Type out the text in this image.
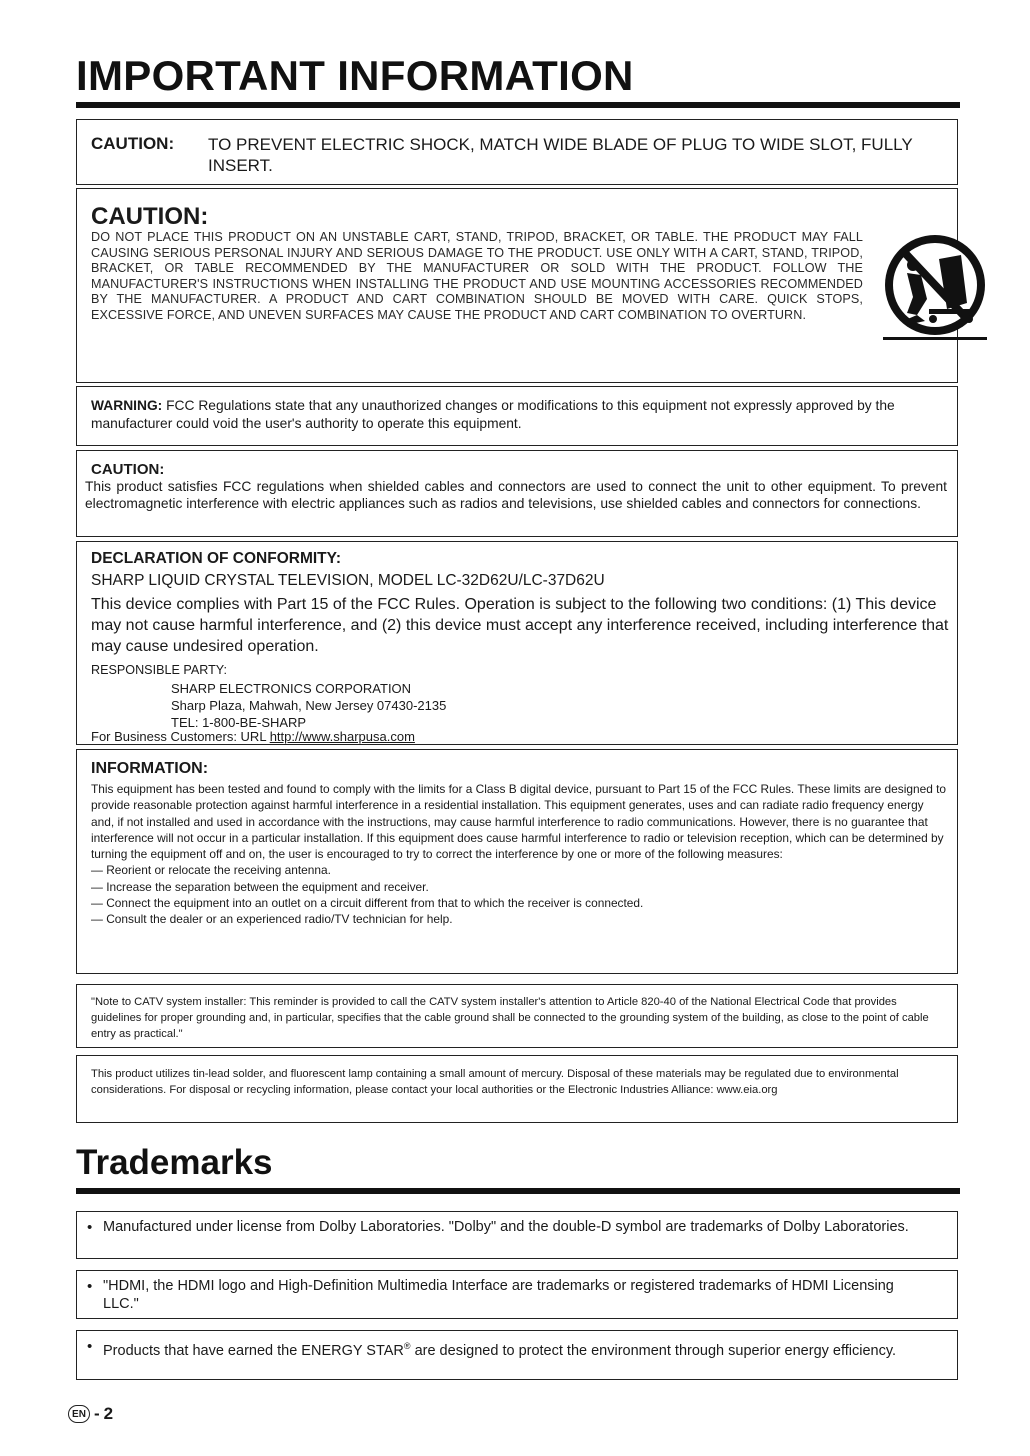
IMPORTANT INFORMATION
CAUTION: TO PREVENT ELECTRIC SHOCK, MATCH WIDE BLADE OF PLUG TO WIDE SLOT, FULLY INSERT.
CAUTION:

DO NOT PLACE THIS PRODUCT ON AN UNSTABLE CART, STAND, TRIPOD, BRACKET, OR TABLE. THE PRODUCT MAY FALL CAUSING SERIOUS PERSONAL INJURY AND SERIOUS DAMAGE TO THE PRODUCT. USE ONLY WITH A CART, STAND, TRIPOD, BRACKET, OR TABLE RECOMMENDED BY THE MANUFACTURER OR SOLD WITH THE PRODUCT. FOLLOW THE MANUFACTURER'S INSTRUCTIONS WHEN INSTALLING THE PRODUCT AND USE MOUNTING ACCESSORIES RECOMMENDED BY THE MANUFACTURER. A PRODUCT AND CART COMBINATION SHOULD BE MOVED WITH CARE. QUICK STOPS, EXCESSIVE FORCE, AND UNEVEN SURFACES MAY CAUSE THE PRODUCT AND CART COMBINATION TO OVERTURN.

WARNING: FCC Regulations state that any unauthorized changes or modifications to this equipment not expressly approved by the manufacturer could void the user's authority to operate this equipment.

CAUTION:

This product satisfies FCC regulations when shielded cables and connectors are used to connect the unit to other equipment. To prevent electromagnetic interference with electric appliances such as radios and televisions, use shielded cables and connectors for connections.

DECLARATION OF CONFORMITY:
SHARP LIQUID CRYSTAL TELEVISION, MODEL LC-32D62U/LC-37D62U

This device complies with Part 15 of the FCC Rules. Operation is subject to the following two conditions: (1) This device may not cause harmful interference, and (2) this device must accept any interference received, including interference that may cause undesired operation.

RESPONSIBLE PARTY:
SHARP ELECTRONICS CORPORATION
Sharp Plaza, Mahwah, New Jersey 07430-2135
TEL: 1-800-BE-SHARP
For Business Customers: URL http://www.sharpusa.com
INFORMATION:

This equipment has been tested and found to comply with the limits for a Class B digital device, pursuant to Part 15 of the FCC Rules. These limits are designed to provide reasonable protection against harmful interference in a residential installation. This equipment generates, uses and can radiate radio frequency energy and, if not installed and used in accordance with the instructions, may cause harmful interference to radio communications. However, there is no guarantee that interference will not occur in a particular installation. If this equipment does cause harmful interference to radio or television reception, which can be determined by turning the equipment off and on, the user is encouraged to try to correct the interference by one or more of the following measures:

— Reorient or relocate the receiving antenna.
— Increase the separation between the equipment and receiver.
— Connect the equipment into an outlet on a circuit different from that to which the receiver is connected.
— Consult the dealer or an experienced radio/TV technician for help.

"Note to CATV system installer: This reminder is provided to call the CATV system installer's attention to Article 820-40 of the National Electrical Code that provides guidelines for proper grounding and, in particular, specifies that the cable ground shall be connected to the grounding system of the building, as close to the point of cable entry as practical."

This product utilizes tin-lead solder, and fluorescent lamp containing a small amount of mercury. Disposal of these materials may be regulated due to environmental considerations. For disposal or recycling information, please contact your local authorities or the Electronic Industries Alliance: www.eia.org

Trademarks
• Manufactured under license from Dolby Laboratories. "Dolby" and the double-D symbol are trademarks of Dolby Laboratories.
• "HDMI, the HDMI logo and High-Definition Multimedia Interface are trademarks or registered trademarks of HDMI Licensing LLC."
• Products that have earned the ENERGY STAR® are designed to protect the environment through superior energy efficiency.
EN - 2
